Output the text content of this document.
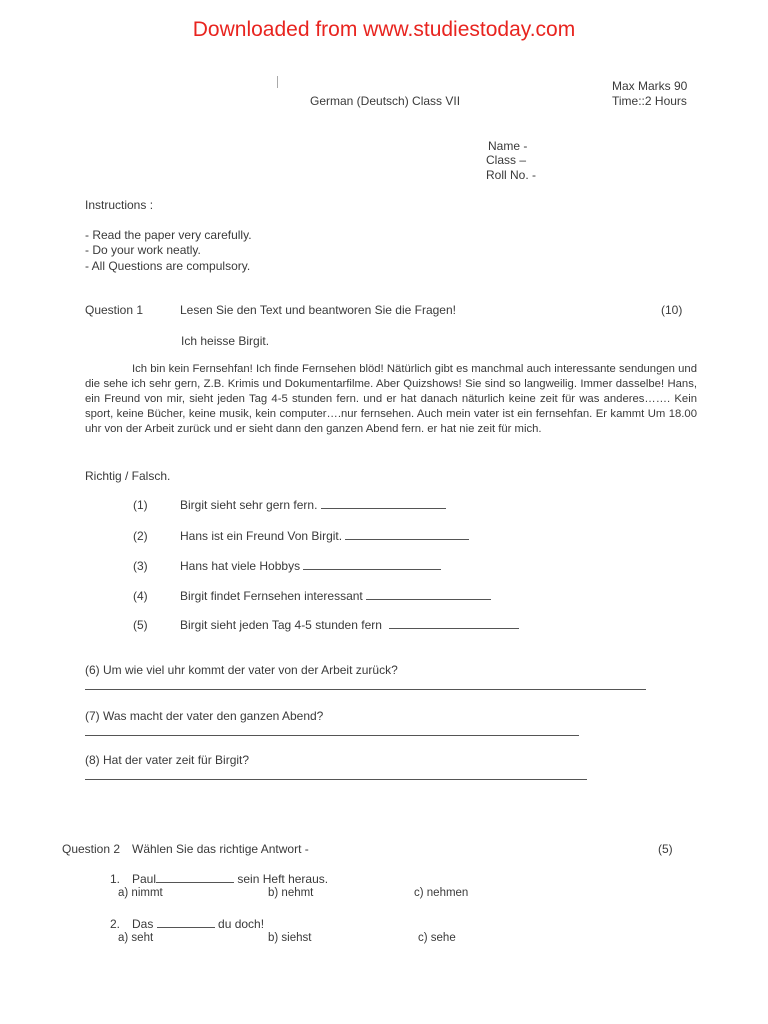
Downloaded from www.studiestoday.com
German (Deutsch) Class VII
Max Marks 90
Time::2 Hours
Name -
Class –
Roll No. -
Instructions :
- Read the paper very carefully.
- Do your work neatly.
- All Questions are compulsory.
Question 1	Lesen Sie den Text und beantworen Sie die Fragen!	(10)
Ich heisse Birgit.
Ich bin kein Fernsehfan! Ich finde Fernsehen blöd! Nätürlich gibt es manchmal auch interessante sendungen und die sehe ich sehr gern, Z.B. Krimis und Dokumentarfilme. Aber Quizshows! Sie sind so langweilig. Immer dasselbe! Hans, ein Freund von mir, sieht jeden Tag 4-5 stunden fern. und er hat danach näturlich keine zeit für was anderes……. Kein sport, keine Bücher, keine musik, kein computer….nur fernsehen. Auch mein vater ist ein fernsehfan. Er kammt Um 18.00 uhr von der Arbeit zurück und er sieht dann den ganzen Abend fern. er hat nie zeit für mich.
Richtig / Falsch.
(1)	Birgit sieht sehr gern fern.
(2)	Hans ist ein Freund Von Birgit.
(3)	Hans hat viele Hobbys
(4)	Birgit findet Fernsehen interessant
(5)	Birgit sieht jeden Tag 4-5 stunden fern
(6) Um wie viel uhr kommt der vater von der Arbeit zurück?
(7) Was macht der vater den ganzen Abend?
(8) Hat der vater zeit für Birgit?
Question 2 Wählen Sie das richtige Antwort -	(5)
1. Paul	sein Heft heraus.
a) nimmt	b) nehmt	c) nehmen
2. Das	du doch!
a) seht	b) siehst	c) sehe
